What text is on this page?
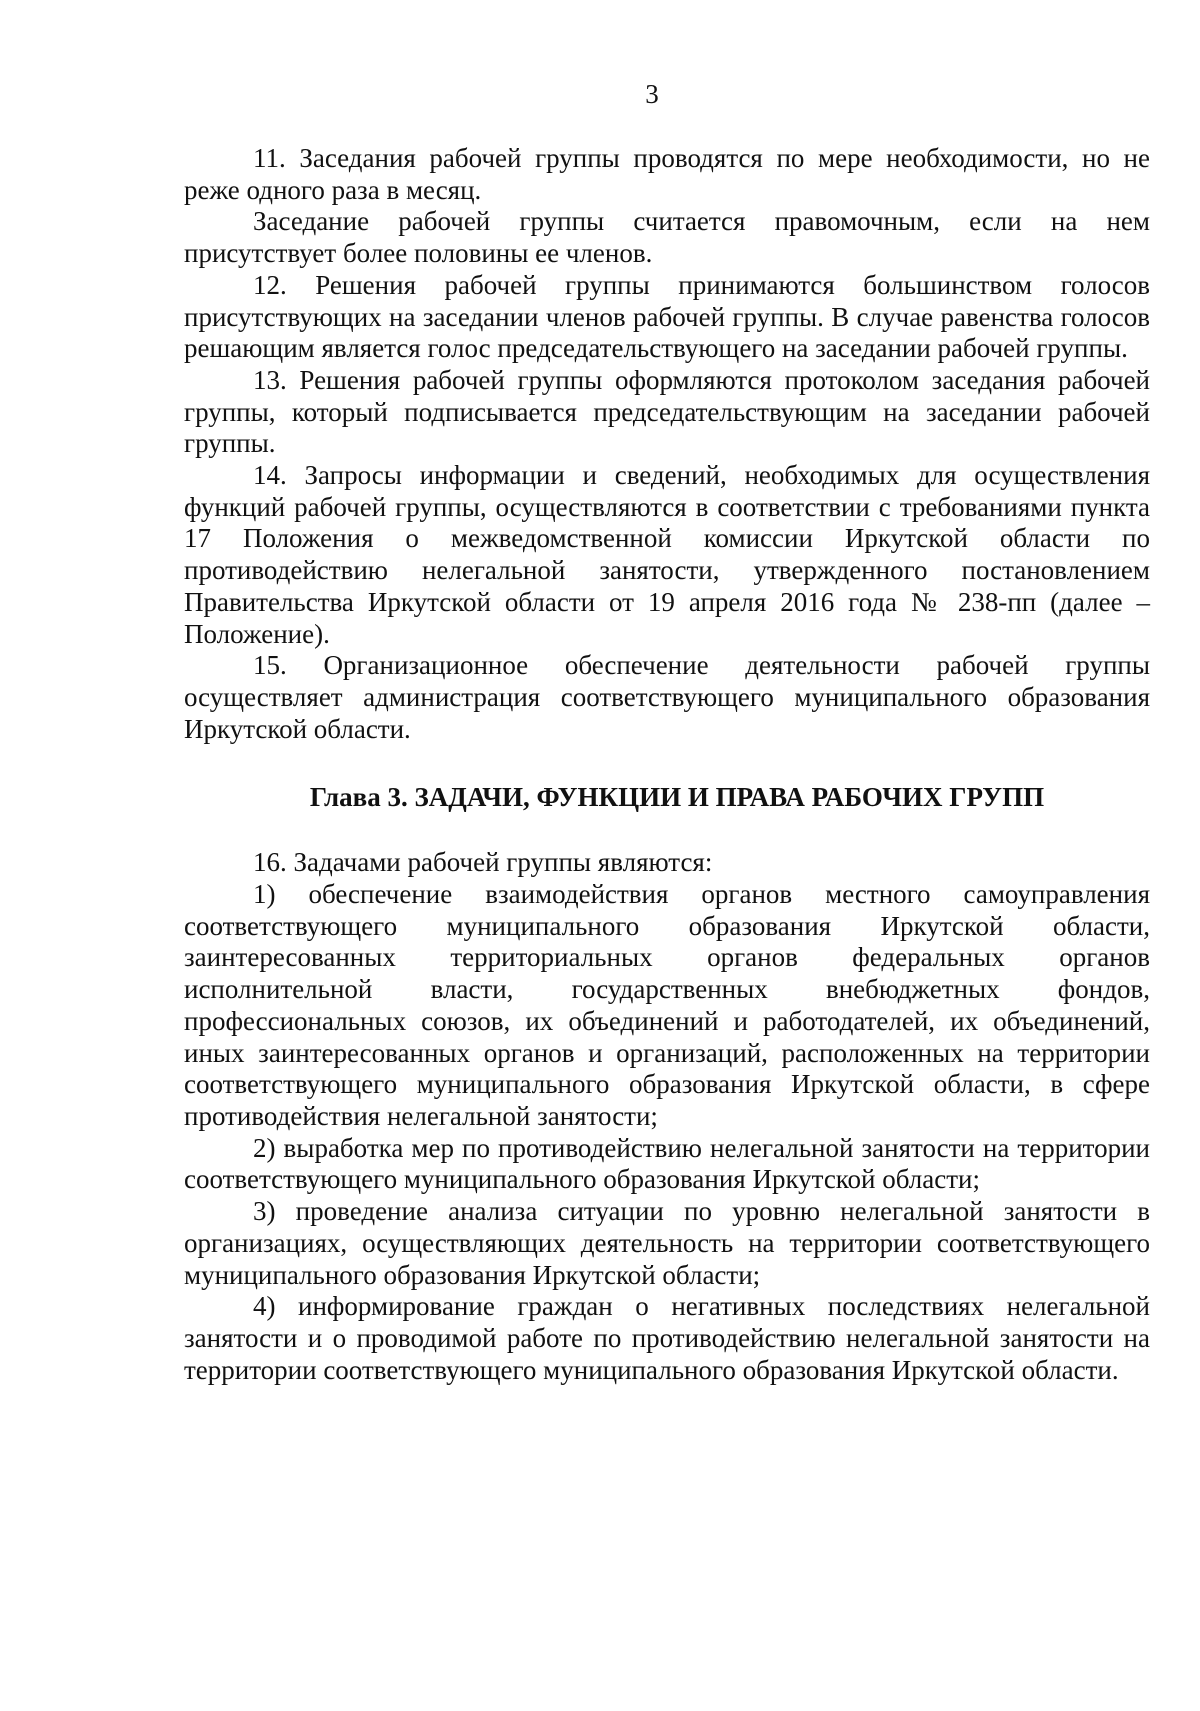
3

11. Заседания рабочей группы проводятся по мере необходимости, но не реже одного раза в месяц.

Заседание рабочей группы считается правомочным, если на нем присутствует более половины ее членов.

12. Решения рабочей группы принимаются большинством голосов присутствующих на заседании членов рабочей группы. В случае равенства голосов решающим является голос председательствующего на заседании рабочей группы.

13. Решения рабочей группы оформляются протоколом заседания рабочей группы, который подписывается председательствующим на заседании рабочей группы.

14. Запросы информации и сведений, необходимых для осуществления функций рабочей группы, осуществляются в соответствии с требованиями пункта 17 Положения о межведомственной комиссии Иркутской области по противодействию нелегальной занятости, утвержденного постановлением Правительства Иркутской области от 19 апреля 2016 года № 238-пп (далее – Положение).

15. Организационное обеспечение деятельности рабочей группы осуществляет администрация соответствующего муниципального образования Иркутской области.

Глава 3. ЗАДАЧИ, ФУНКЦИИ И ПРАВА РАБОЧИХ ГРУПП

16. Задачами рабочей группы являются:

1) обеспечение взаимодействия органов местного самоуправления соответствующего муниципального образования Иркутской области, заинтересованных территориальных органов федеральных органов исполнительной власти, государственных внебюджетных фондов, профессиональных союзов, их объединений и работодателей, их объединений, иных заинтересованных органов и организаций, расположенных на территории соответствующего муниципального образования Иркутской области, в сфере противодействия нелегальной занятости;

2) выработка мер по противодействию нелегальной занятости на территории соответствующего муниципального образования Иркутской области;

3) проведение анализа ситуации по уровню нелегальной занятости в организациях, осуществляющих деятельность на территории соответствующего муниципального образования Иркутской области;

4) информирование граждан о негативных последствиях нелегальной занятости и о проводимой работе по противодействию нелегальной занятости на территории соответствующего муниципального образования Иркутской области.
